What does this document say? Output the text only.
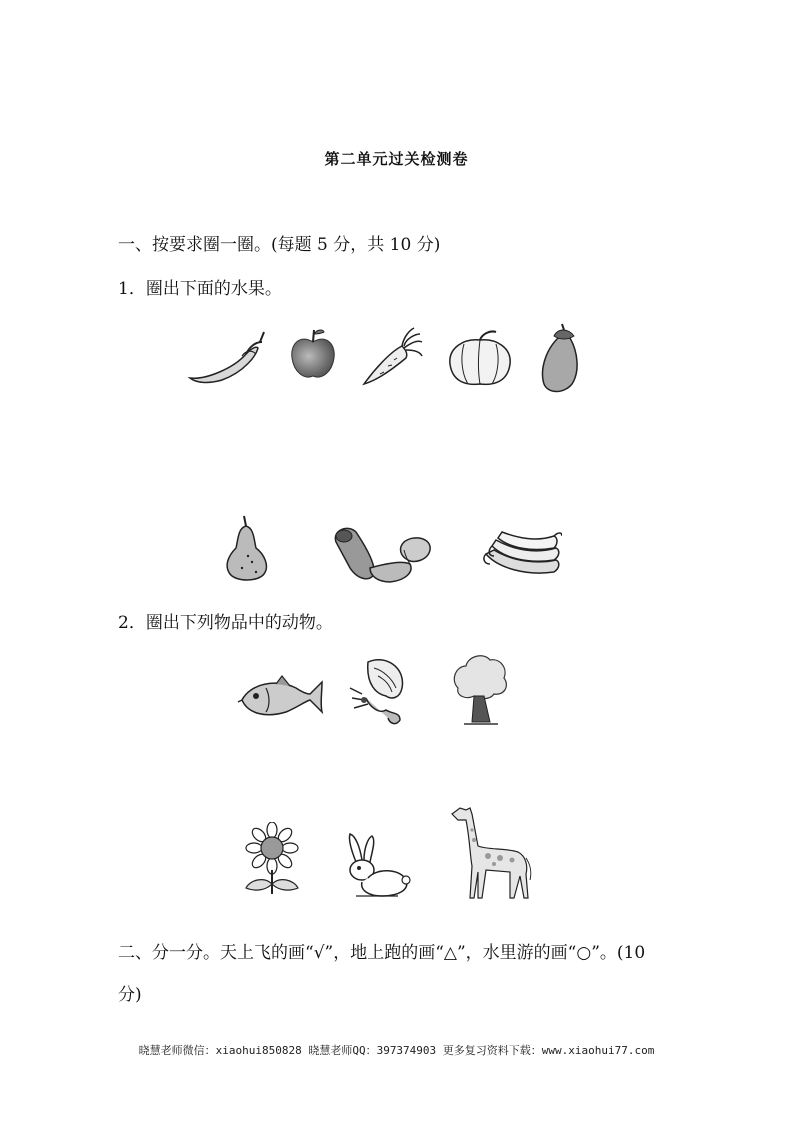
第二单元过关检测卷
一、按要求圈一圈。(每题 5 分，共 10 分)
1．圈出下面的水果。
2．圈出下列物品中的动物。
二、分一分。天上飞的画“√”，地上跑的画“△”，水里游的画“○”。(10
分)
晓慧老师微信：xiaohui850828 晓慧老师QQ：397374903 更多复习资料下载：www.xiaohui77.com
